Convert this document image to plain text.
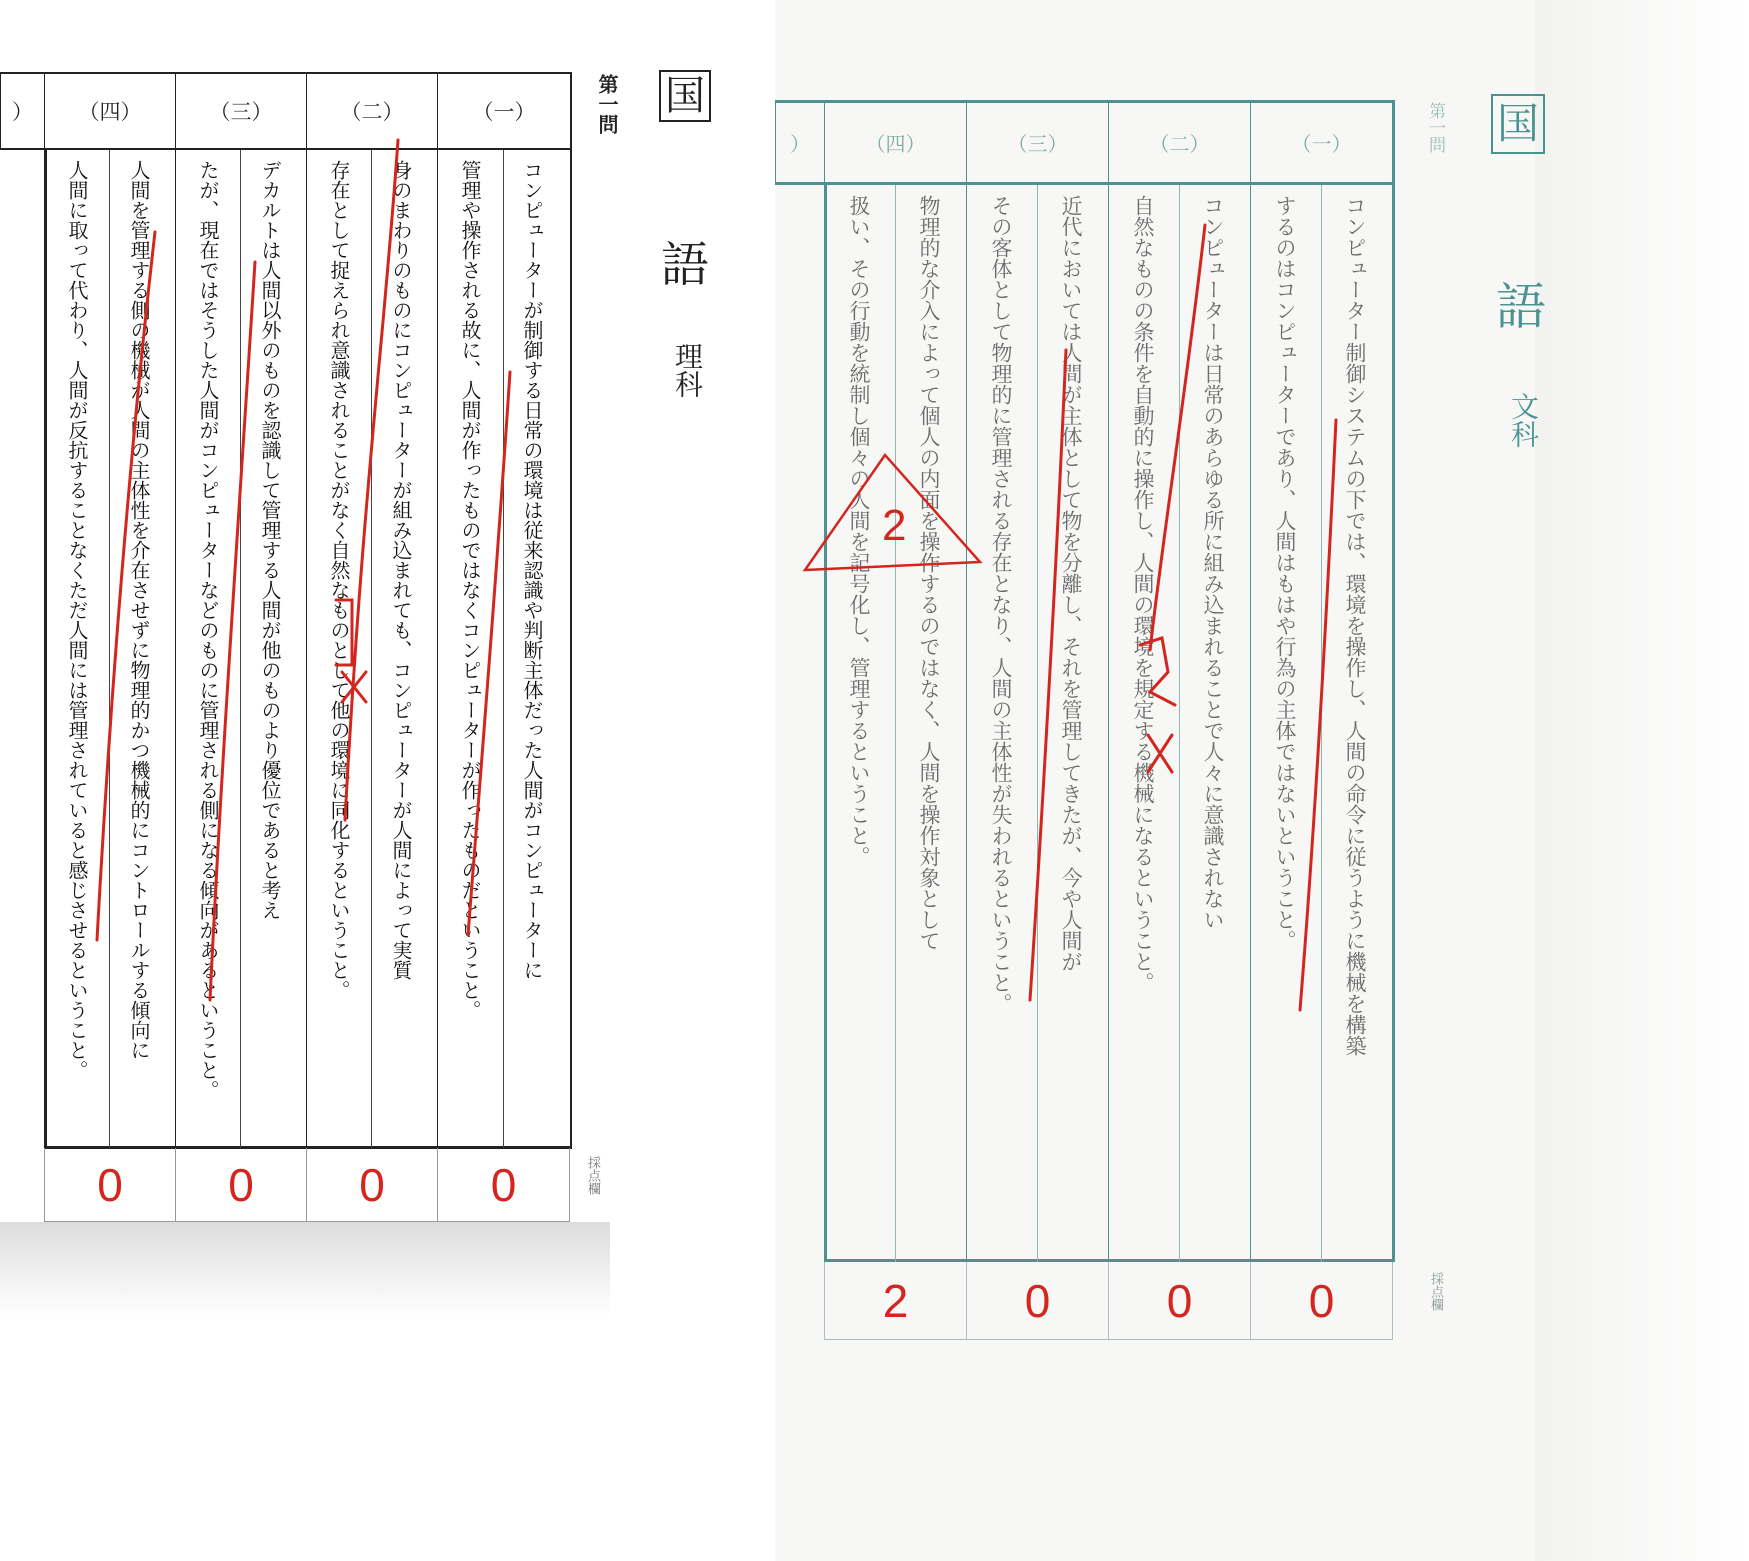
） （四）	（三）	（二）	（一）
コンピューターが制御する日常の環境は従来認識や判断主体だった人間がコンピューターに
管理や操作される故に、人間が作ったものではなくコンピューターが作ったものだということ。
身のまわりのものにコンピューターが組み込まれても、コンピューターが人間によって実質
存在として捉えられ意識されることがなく自然なものとして他の環境に同化するということ。
デカルトは人間以外のものを認識して管理する人間が他のものより優位であると考え
たが、現在ではそうした人間がコンピューターなどのものに管理される側になる傾向があるということ。
人間を管理する側の機械が人間の主体性を介在させずに物理的かつ機械的にコントロールする傾向に
人間に取って代わり、人間が反抗することなくただ人間には管理されていると感じさせるということ。
0 0 0 0
第一問 国
語
理科
採点欄
）	（四）	（三）	（二）	（一）
コンピューター制御システムの下では、環境を操作し、人間の命令に従うように機械を構築
するのはコンピューターであり、人間はもはや行為の主体ではないということ。
コンピューターは日常のあらゆる所に組み込まれることで人々に意識されない
自然なものの条件を自動的に操作し、人間の環境を規定する機械になるということ。
近代においては人間が主体として物を分離し、それを管理してきたが、今や人間が
その客体として物理的に管理される存在となり、人間の主体性が失われるということ。
物理的な介入によって個人の内面を操作するのではなく、人間を操作対象として
扱い、その行動を統制し個々の人間を記号化し、管理するということ。
2	0	0	0
第一問 国
語
文科
採点欄
2
